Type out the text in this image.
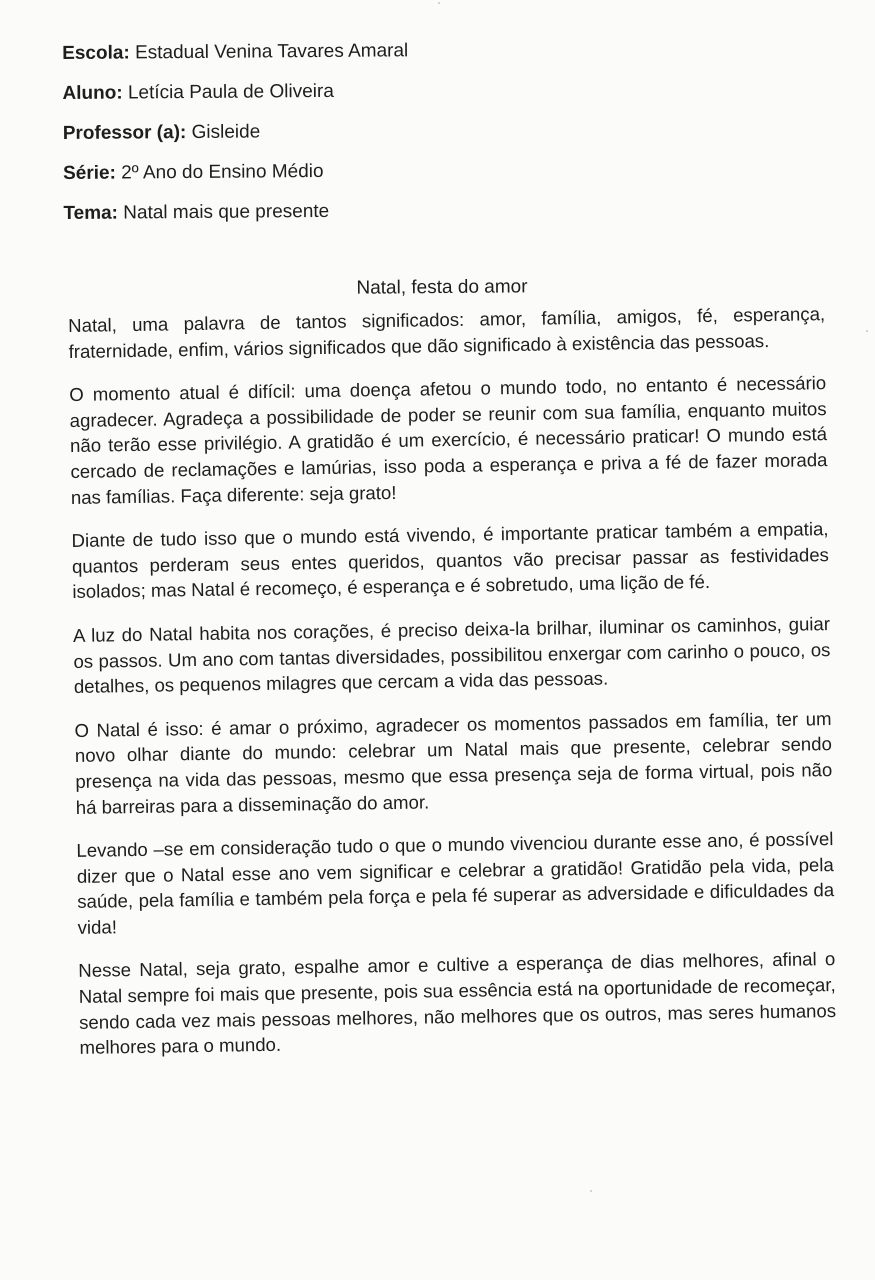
Escola: Estadual Venina Tavares Amaral
Aluno: Letícia Paula de Oliveira
Professor (a): Gisleide
Série: 2º Ano do Ensino Médio
Tema: Natal mais que presente
Natal, festa do amor

Natal, uma palavra de tantos significados: amor, família, amigos, fé, esperança, fraternidade, enfim, vários significados que dão significado à existência das pessoas.

O momento atual é difícil: uma doença afetou o mundo todo, no entanto é necessário agradecer. Agradeça a possibilidade de poder se reunir com sua família, enquanto muitos não terão esse privilégio. A gratidão é um exercício, é necessário praticar! O mundo está cercado de reclamações e lamúrias, isso poda a esperança e priva a fé de fazer morada nas famílias. Faça diferente: seja grato!

Diante de tudo isso que o mundo está vivendo, é importante praticar também a empatia, quantos perderam seus entes queridos, quantos vão precisar passar as festividades isolados; mas Natal é recomeço, é esperança e é sobretudo, uma lição de fé.

A luz do Natal habita nos corações, é preciso deixa-la brilhar, iluminar os caminhos, guiar os passos. Um ano com tantas diversidades, possibilitou enxergar com carinho o pouco, os detalhes, os pequenos milagres que cercam a vida das pessoas.

O Natal é isso: é amar o próximo, agradecer os momentos passados em família, ter um novo olhar diante do mundo: celebrar um Natal mais que presente, celebrar sendo presença na vida das pessoas, mesmo que essa presença seja de forma virtual, pois não há barreiras para a disseminação do amor.

Levando –se em consideração tudo o que o mundo vivenciou durante esse ano, é possível dizer que o Natal esse ano vem significar e celebrar a gratidão! Gratidão pela vida, pela saúde, pela família e também pela força e pela fé superar as adversidade e dificuldades da vida!

Nesse Natal, seja grato, espalhe amor e cultive a esperança de dias melhores, afinal o Natal sempre foi mais que presente, pois sua essência está na oportunidade de recomeçar, sendo cada vez mais pessoas melhores, não melhores que os outros, mas seres humanos melhores para o mundo.
